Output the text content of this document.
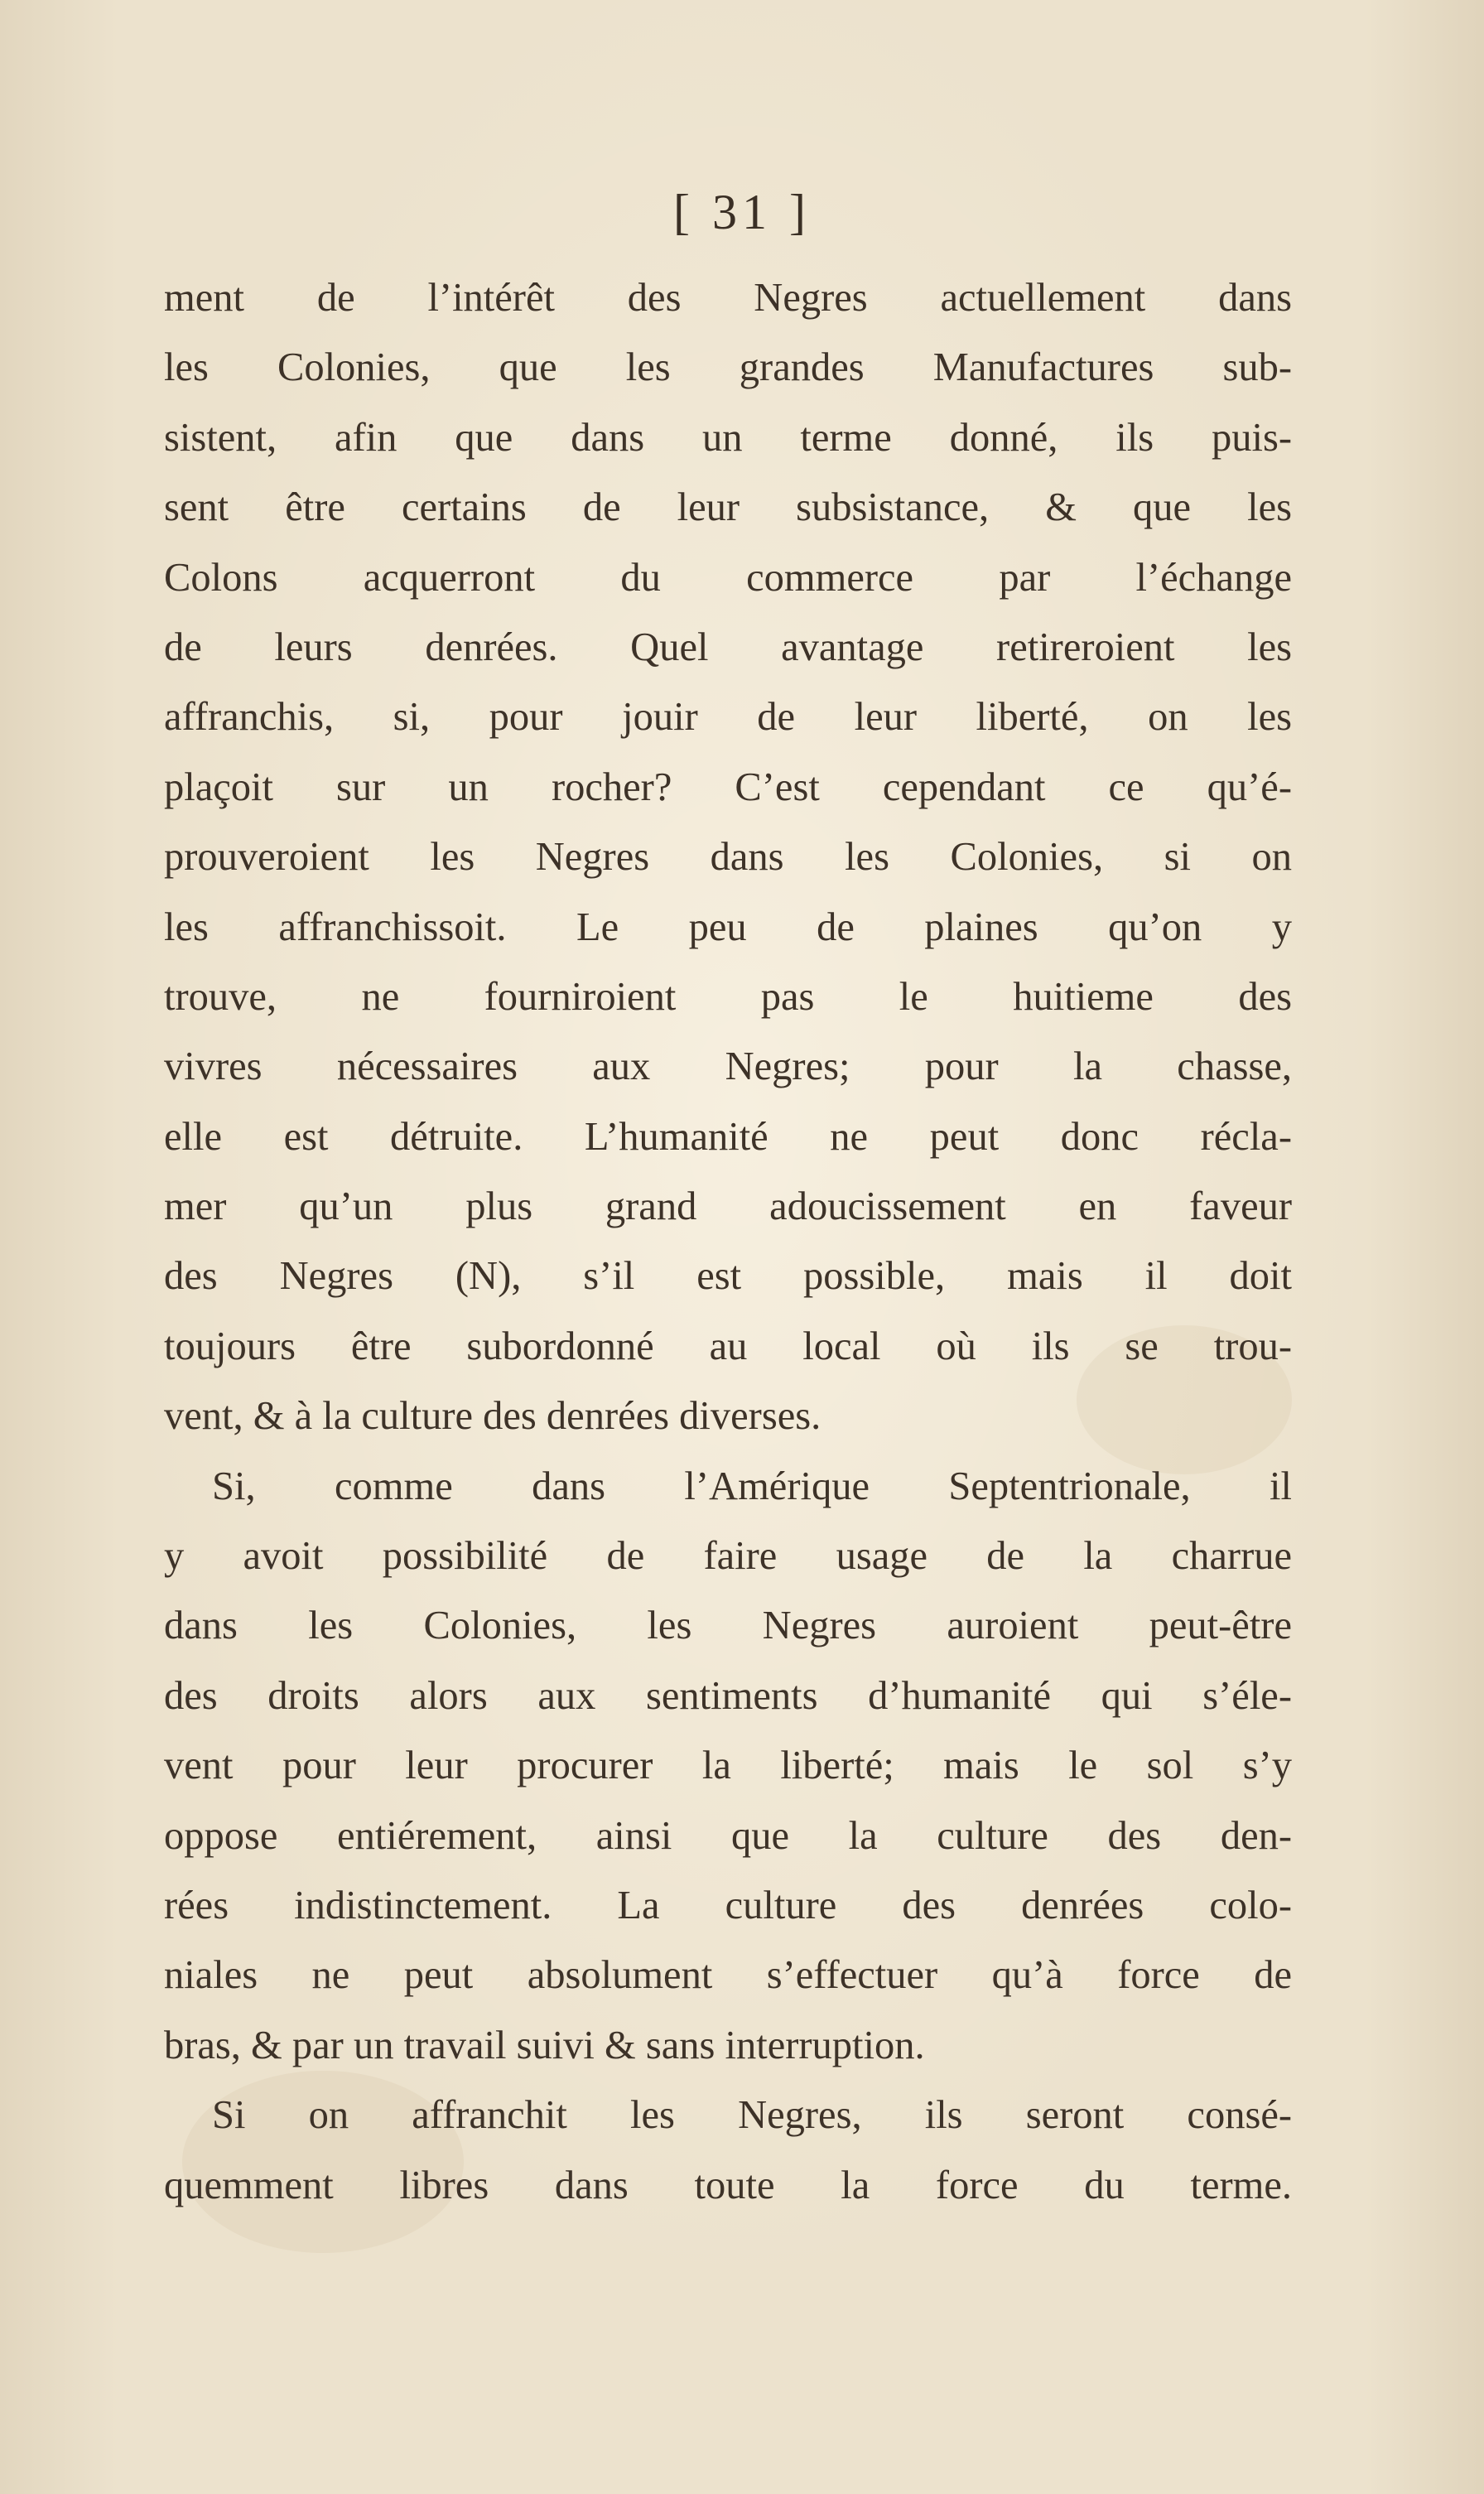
[ 31 ]
ment de l’intérêt des Negres actuellement dans
les Colonies, que les grandes Manufactures sub-
sistent, afin que dans un terme donné, ils puis-
sent être certains de leur subsistance, & que les
Colons acquerront du commerce par l’échange
de leurs denrées. Quel avantage retireroient les
affranchis, si, pour jouir de leur liberté, on les
plaçoit sur un rocher? C’est cependant ce qu’é-
prouveroient les Negres dans les Colonies, si on
les affranchissoit. Le peu de plaines qu’on y
trouve, ne fourniroient pas le huitieme des
vivres nécessaires aux Negres; pour la chasse,
elle est détruite. L’humanité ne peut donc récla-
mer qu’un plus grand adoucissement en faveur
des Negres (N), s’il est possible, mais il doit
toujours être subordonné au local où ils se trou-
vent, & à la culture des denrées diverses.
Si, comme dans l’Amérique Septentrionale, il
y avoit possibilité de faire usage de la charrue
dans les Colonies, les Negres auroient peut-être
des droits alors aux sentiments d’humanité qui s’éle-
vent pour leur procurer la liberté; mais le sol s’y
oppose entiérement, ainsi que la culture des den-
rées indistinctement. La culture des denrées colo-
niales ne peut absolument s’effectuer qu’à force de
bras, & par un travail suivi & sans interruption.
Si on affranchit les Negres, ils seront consé-
quemment libres dans toute la force du terme.
